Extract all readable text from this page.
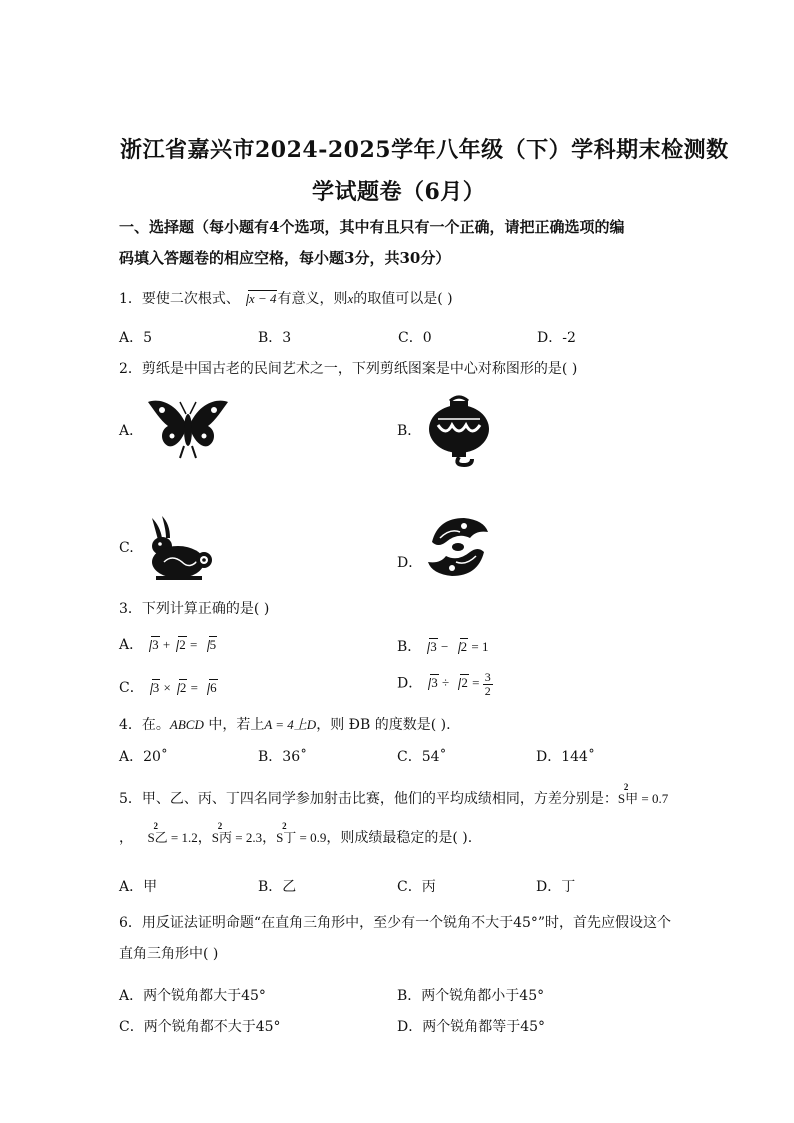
浙江省嘉兴市2024-2025学年八年级（下）学科期末检测数
学试题卷（6月）
一、选择题（每小题有4个选项，其中有且只有一个正确，请把正确选项的编
码填入答题卷的相应空格，每小题3分，共30分）
1．要使二次根式、 x − 4有意义，则x的取值可以是( )
A．5	B．3	C．0	D．-2
2．剪纸是中国古老的民间艺术之一，下列剪纸图案是中心对称图形的是( )
A．	B．
C.
D．
3．下列计算正确的是( )
A． 3 + 2 = 5	B． 3 − 2 = 1
C． 3 × 2 = 6	D． $3 \div 2 = \frac{3}{2}$
4．在。ABCD 中，若上A = 4上D，则 ÐB 的度数是( ).
A．20˚	B．36˚	C．54˚	D．144˚
5．甲、乙、丙、丁四名同学参加射击比赛，他们的平均成绩相同，方差分别是：
2
S甲 = 0.7
，
2
S乙 = 1.2，
2
S丙 = 2.3，
2
S丁 = 0.9，则成绩最稳定的是( ).
A．甲	B．乙	C．丙	D．丁
6．用反证法证明命题“在直角三角形中，至少有一个锐角不大于45°”时，首先应假设这个
直角三角形中( )
A．两个锐角都大于45°	B．两个锐角都小于45°
C．两个锐角都不大于45°	D．两个锐角都等于45°
